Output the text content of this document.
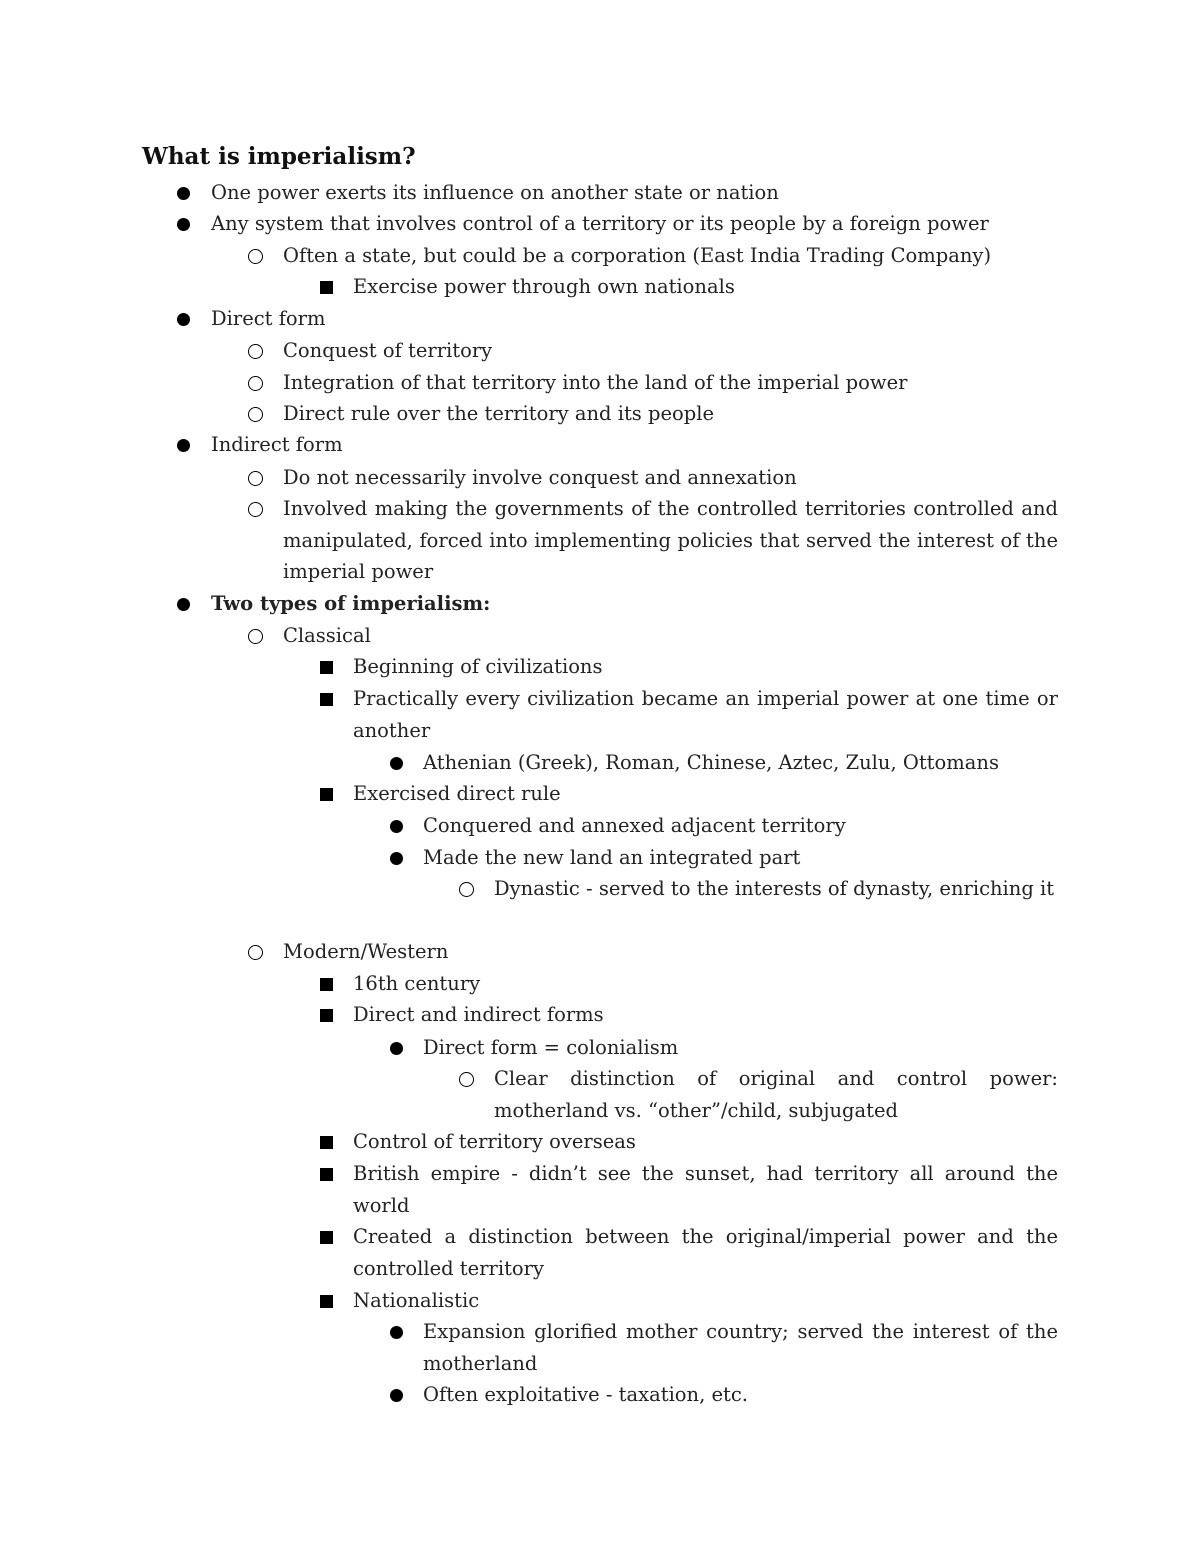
What is imperialism?
One power exerts its influence on another state or nation
Any system that involves control of a territory or its people by a foreign power
Often a state, but could be a corporation (East India Trading Company)
Exercise power through own nationals
Direct form
Conquest of territory
Integration of that territory into the land of the imperial power
Direct rule over the territory and its people
Indirect form
Do not necessarily involve conquest and annexation
Involved making the governments of the controlled territories controlled and manipulated, forced into implementing policies that served the interest of the imperial power
Two types of imperialism:
Classical
Beginning of civilizations
Practically every civilization became an imperial power at one time or another
Athenian (Greek), Roman, Chinese, Aztec, Zulu, Ottomans
Exercised direct rule
Conquered and annexed adjacent territory
Made the new land an integrated part
Dynastic - served to the interests of dynasty, enriching it
Modern/Western
16th century
Direct and indirect forms
Direct form = colonialism
Clear distinction of original and control power: motherland vs. “other”/child, subjugated
Control of territory overseas
British empire - didn’t see the sunset, had territory all around the world
Created a distinction between the original/imperial power and the controlled territory
Nationalistic
Expansion glorified mother country; served the interest of the motherland
Often exploitative - taxation, etc.
